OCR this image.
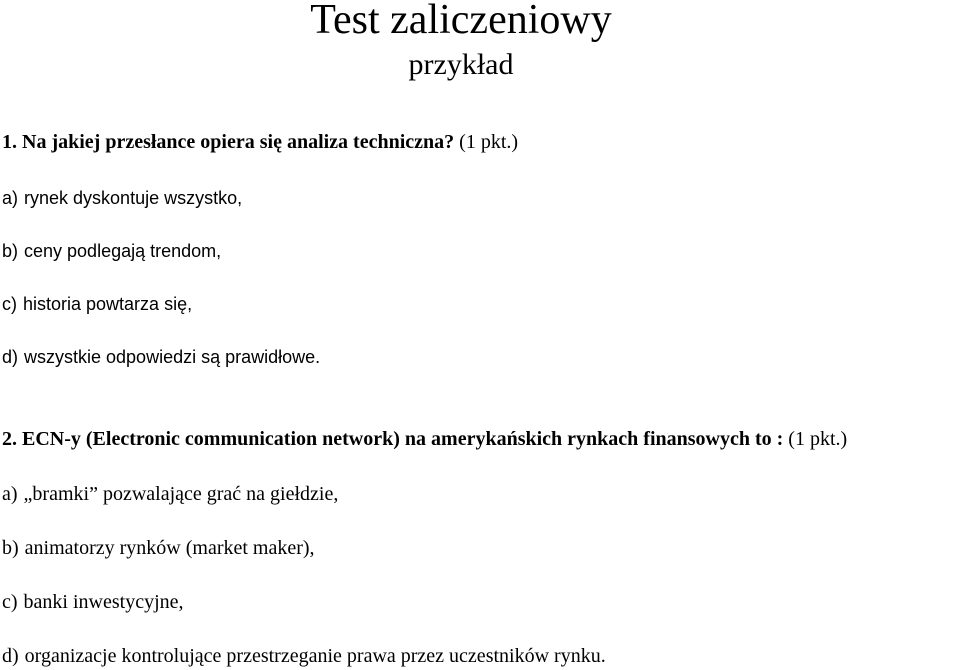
Test zaliczeniowy
przykład
1. Na jakiej przesłance opiera się analiza techniczna? (1 pkt.)
a) rynek dyskontuje wszystko,
b) ceny podlegają trendom,
c) historia powtarza się,
d) wszystkie odpowiedzi są prawidłowe.
2. ECN-y (Electronic communication network) na amerykańskich rynkach finansowych to : (1 pkt.)
a) „bramki” pozwalające grać na giełdzie,
b) animatorzy rynków (market maker),
c) banki inwestycyjne,
d) organizacje kontrolujące przestrzeganie prawa przez uczestników rynku.
